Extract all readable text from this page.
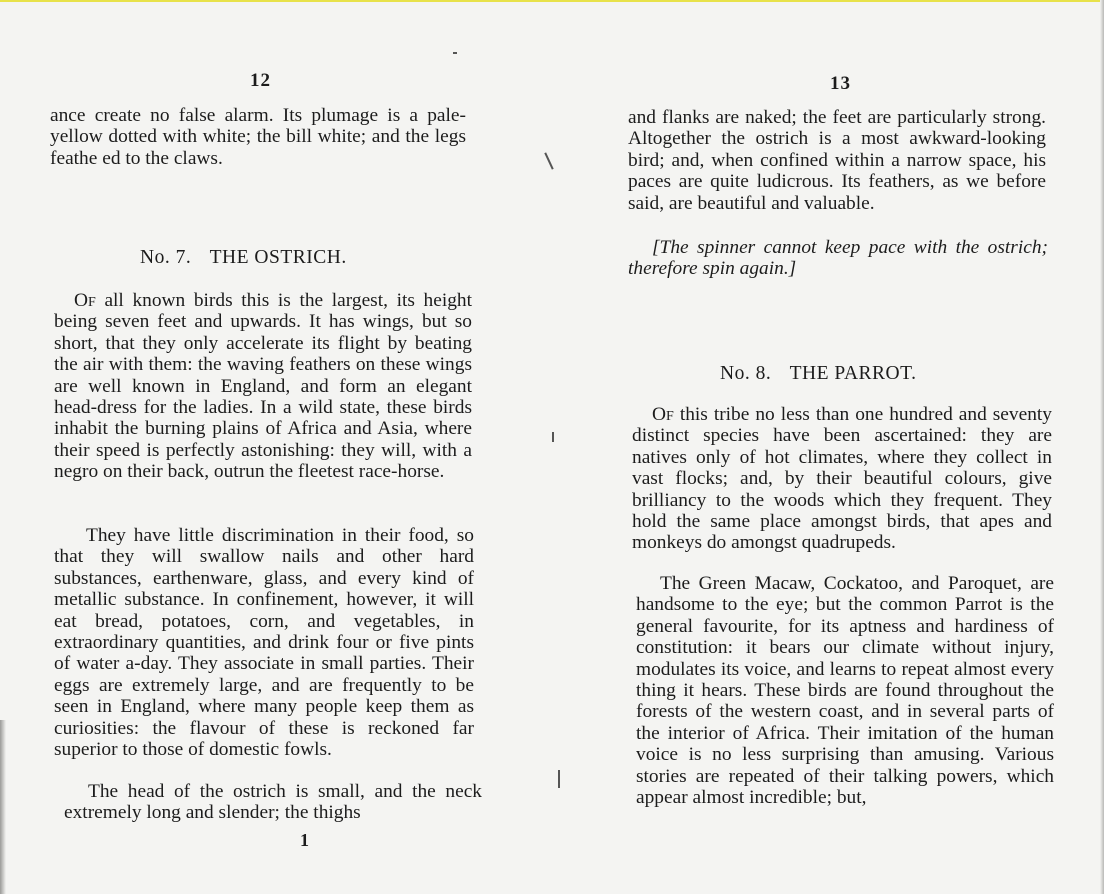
12

ance create no false alarm. Its plumage is a pale-yellow dotted with white; the bill white; and the legs feathe ed to the claws.

No. 7. THE OSTRICH.

Of all known birds this is the largest, its height being seven feet and upwards. It has wings, but so short, that they only accelerate its flight by beating the air with them: the waving feathers on these wings are well known in England, and form an elegant head-dress for the ladies. In a wild state, these birds inhabit the burning plains of Africa and Asia, where their speed is perfectly astonishing: they will, with a negro on their back, outrun the fleetest race-horse.

They have little discrimination in their food, so that they will swallow nails and other hard substances, earthenware, glass, and every kind of metallic substance. In confinement, however, it will eat bread, potatoes, corn, and vegetables, in extraordinary quantities, and drink four or five pints of water a-day. They associate in small parties. Their eggs are extremely large, and are frequently to be seen in England, where many people keep them as curiosities: the flavour of these is reckoned far superior to those of domestic fowls.

The head of the ostrich is small, and the neck extremely long and slender; the thighs

1
13

and flanks are naked; the feet are particularly strong. Altogether the ostrich is a most awkward-looking bird; and, when confined within a narrow space, his paces are quite ludicrous. Its feathers, as we before said, are beautiful and valuable.

[The spinner cannot keep pace with the ostrich; therefore spin again.]

No. 8. THE PARROT.

Of this tribe no less than one hundred and seventy distinct species have been ascertained: they are natives only of hot climates, where they collect in vast flocks; and, by their beautiful colours, give brilliancy to the woods which they frequent. They hold the same place amongst birds, that apes and monkeys do amongst quadrupeds.

The Green Macaw, Cockatoo, and Paroquet, are handsome to the eye; but the common Parrot is the general favourite, for its aptness and hardiness of constitution: it bears our climate without injury, modulates its voice, and learns to repeat almost every thing it hears. These birds are found throughout the forests of the western coast, and in several parts of the interior of Africa. Their imitation of the human voice is no less surprising than amusing. Various stories are repeated of their talking powers, which appear almost incredible; but,
